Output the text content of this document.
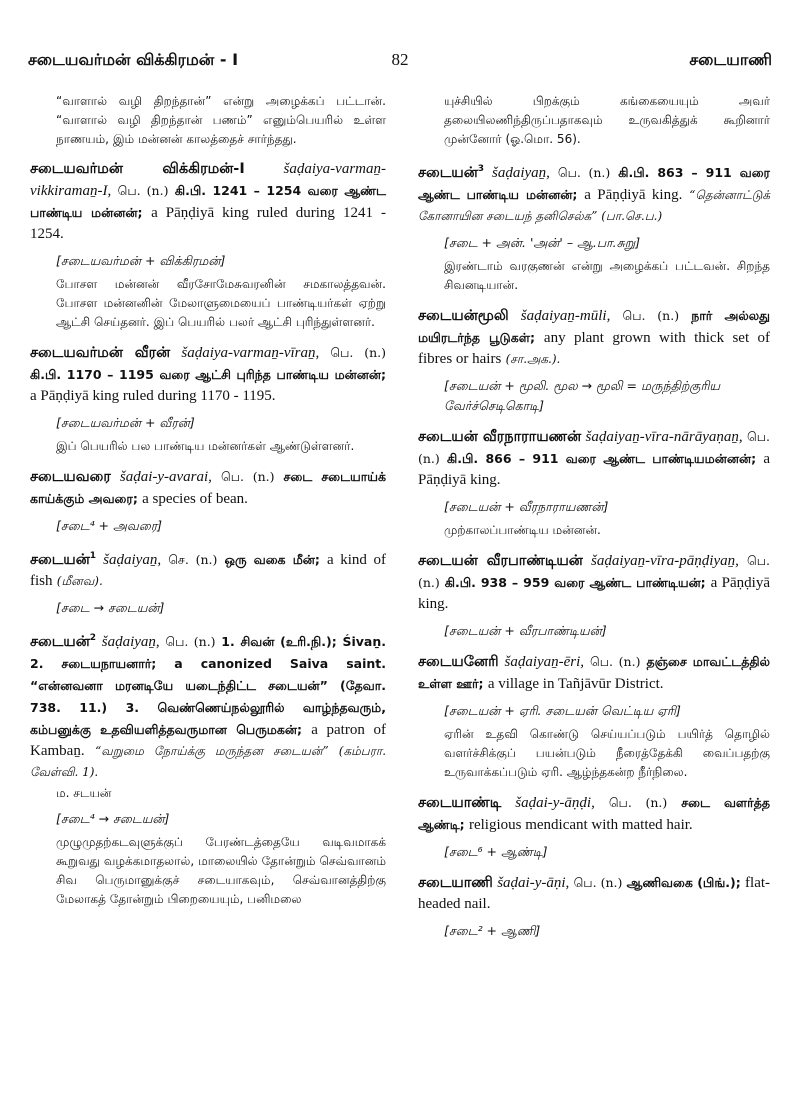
சடையவர்மன் விக்கிரமன் - I	82	சடையாணி
“வாளால் வழி திறந்தான்” என்று அழைக்கப் பட்டான். “வாளால் வழி திறந்தான் பணம்” எனும்பெயரில் உள்ள நாணயம், இம் மன்னன் காலத்தைச் சார்ந்தது.
சடையவர்மன் விக்கிரமன்-I	šaḍaiya-varmaṉ-vikkiramaṉ-I, பெ. (n.) கி.பி. 1241 – 1254 வரை ஆண்ட பாண்டிய மன்னன்; a Pāṇḍiyā king ruled during 1241 - 1254.
[சடையவர்மன் + விக்கிரமன்]
போசள மன்னன் வீரசோமேசுவரனின் சமகாலத்தவன். போசள மன்னனின் மேலாளுமையைப் பாண்டியர்கள் ஏற்று ஆட்சி செய்தனர். இப் பெயரில் பலர் ஆட்சி புரிந்துள்ளனர்.
சடையவர்மன் வீரன் šaḍaiya-varmaṉ-vīraṉ, பெ. (n.) கி.பி. 1170 – 1195 வரை ஆட்சி புரிந்த பாண்டிய மன்னன்; a Pāṇḍiyā king ruled during 1170 - 1195.
[சடையவர்மன் + வீரன்]
இப் பெயரில் பல பாண்டிய மன்னர்கள் ஆண்டுள்ளனர்.
சடையவரை šaḍai-y-avarai, பெ. (n.) சடை சடையாய்க் காய்க்கும் அவரை; a species of bean.
[சடை⁴ + அவரை]
சடையன்$^1$ šaḍaiyaṉ, செ. (n.) ஒரு வகை மீன்; a kind of fish (மீனவ).
[சடை → சடையன்]
சடையன்$^2$ šaḍaiyaṉ, பெ. (n.) 1. சிவன் (உரி.நி.); Śivaṉ. 2. சடையநாயனார்; a canonized Saiva saint. “என்னவனா மரனடியே யடைந்திட்ட சடையன்” (தேவா. 738. 11.) 3. வெண்ணெய்நல்லூரில் வாழ்ந்தவரும், கம்பனுக்கு உதவியளித்தவருமான பெருமகன்; a patron of Kambaṉ. “வறுமை நோய்க்கு மருந்தன சடையன்” (கம்பரா. வேள்வி. 1).
ம. சடயன்
[சடை⁴ → சடையன்]
முழுமுதற்கடவுளுக்குப் பேரண்டத்தையே வடிவமாகக் கூறுவது வழக்கமாதலால், மாலையில் தோன்றும் செவ்வானம் சிவ பெருமானுக்குச் சடையாகவும், செவ்வானத்திற்கு மேலாகத் தோன்றும் பிறையையும், பனிமலை
யுச்சியில் பிறக்கும் கங்கையையும் அவர் தலையிலணிந்திருப்பதாகவும் உருவகித்துக் கூறினார் முன்னோர் (ஓ.மொ. 56).
சடையன்$^3$ šaḍaiyaṉ, பெ. (n.) கி.பி. 863 – 911 வரை ஆண்ட பாண்டிய மன்னன்; a Pāṇḍiyā king. “தென்னாட்டுக் கோனாயின சடையந் தனிசெல்க” (பா.செ.ப.)
[சடை + அன். 'அன்' – ஆ.பா.சுறு]
இரண்டாம் வரகுணன் என்று அழைக்கப் பட்டவன். சிறந்த சிவனடியான்.
சடையன்மூலி šaḍaiyaṉ-mūli, பெ. (n.) நார் அல்லது மயிரடர்ந்த பூடுகள்; any plant grown with thick set of fibres or hairs (சா.அக.).
[சடையன் + மூலி. மூல → மூலி = மருந்திற்குரிய வேர்ச்செடிகொடி]
சடையன் வீரநாராயணன் šaḍaiyaṉ-vīra-nārāyaṇaṉ, பெ. (n.) கி.பி. 866 – 911 வரை ஆண்ட பாண்டியமன்னன்; a Pāṇḍiyā king.
[சடையன் + வீரநாராயணன்]
முற்காலப்பாண்டிய மன்னன்.
சடையன் வீரபாண்டியன் šaḍaiyaṉ-vīra-pāṇḍiyaṉ, பெ. (n.) கி.பி. 938 – 959 வரை ஆண்ட பாண்டியன்; a Pāṇḍiyā king.
[சடையன் + வீரபாண்டியன்]
சடையனேரி šaḍaiyaṉ-ēri, பெ. (n.) தஞ்சை மாவட்டத்தில் உள்ள ஊர்; a village in Tañjāvūr District.
[சடையன் + ஏரி. சடையன் வெட்டிய ஏரி]
ஏரின் உதவி கொண்டு செய்யப்படும் பயிர்த் தொழில் வளர்ச்சிக்குப் பயன்படும் நீரைத்தேக்கி வைப்பதற்கு உருவாக்கப்படும் ஏரி. ஆழ்ந்தகன்ற நீர்நிலை.
சடையாண்டி šaḍai-y-āṇḍi, பெ. (n.) சடை வளர்த்த ஆண்டி; religious mendicant with matted hair.
[சடை⁶ + ஆண்டி]
சடையாணி šaḍai-y-āṇi, பெ. (n.) ஆணிவகை (பிங்.); flat-headed nail.
[சடை² + ஆணி]
